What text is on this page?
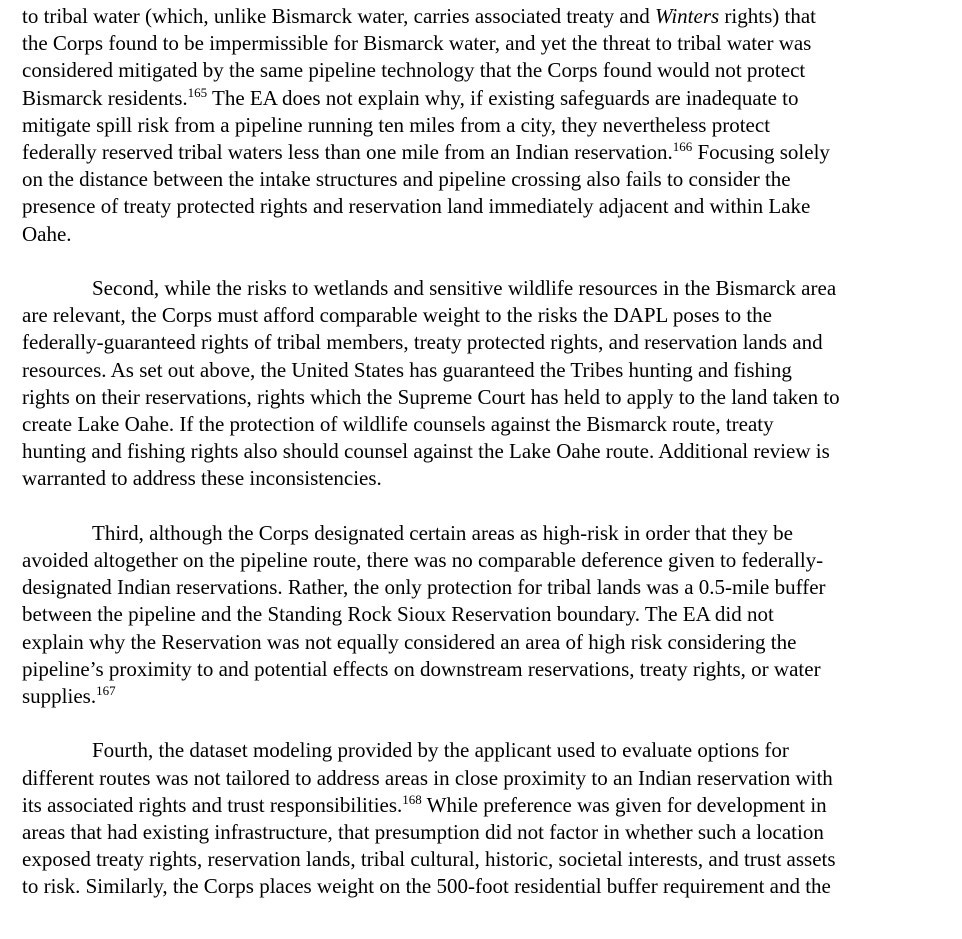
to tribal water (which, unlike Bismarck water, carries associated treaty and Winters rights) that
the Corps found to be impermissible for Bismarck water, and yet the threat to tribal water was
considered mitigated by the same pipeline technology that the Corps found would not protect
Bismarck residents.$^{165}$ The EA does not explain why, if existing safeguards are inadequate to
mitigate spill risk from a pipeline running ten miles from a city, they nevertheless protect
federally reserved tribal waters less than one mile from an Indian reservation.$^{166}$ Focusing solely
on the distance between the intake structures and pipeline crossing also fails to consider the
presence of treaty protected rights and reservation land immediately adjacent and within Lake
Oahe.
Second, while the risks to wetlands and sensitive wildlife resources in the Bismarck area
are relevant, the Corps must afford comparable weight to the risks the DAPL poses to the
federally-guaranteed rights of tribal members, treaty protected rights, and reservation lands and
resources. As set out above, the United States has guaranteed the Tribes hunting and fishing
rights on their reservations, rights which the Supreme Court has held to apply to the land taken to
create Lake Oahe. If the protection of wildlife counsels against the Bismarck route, treaty
hunting and fishing rights also should counsel against the Lake Oahe route. Additional review is
warranted to address these inconsistencies.
Third, although the Corps designated certain areas as high-risk in order that they be
avoided altogether on the pipeline route, there was no comparable deference given to federally-
designated Indian reservations. Rather, the only protection for tribal lands was a 0.5-mile buffer
between the pipeline and the Standing Rock Sioux Reservation boundary. The EA did not
explain why the Reservation was not equally considered an area of high risk considering the
pipeline’s proximity to and potential effects on downstream reservations, treaty rights, or water
supplies.$^{167}$
Fourth, the dataset modeling provided by the applicant used to evaluate options for
different routes was not tailored to address areas in close proximity to an Indian reservation with
its associated rights and trust responsibilities.$^{168}$ While preference was given for development in
areas that had existing infrastructure, that presumption did not factor in whether such a location
exposed treaty rights, reservation lands, tribal cultural, historic, societal interests, and trust assets
to risk. Similarly, the Corps places weight on the 500-foot residential buffer requirement and the
